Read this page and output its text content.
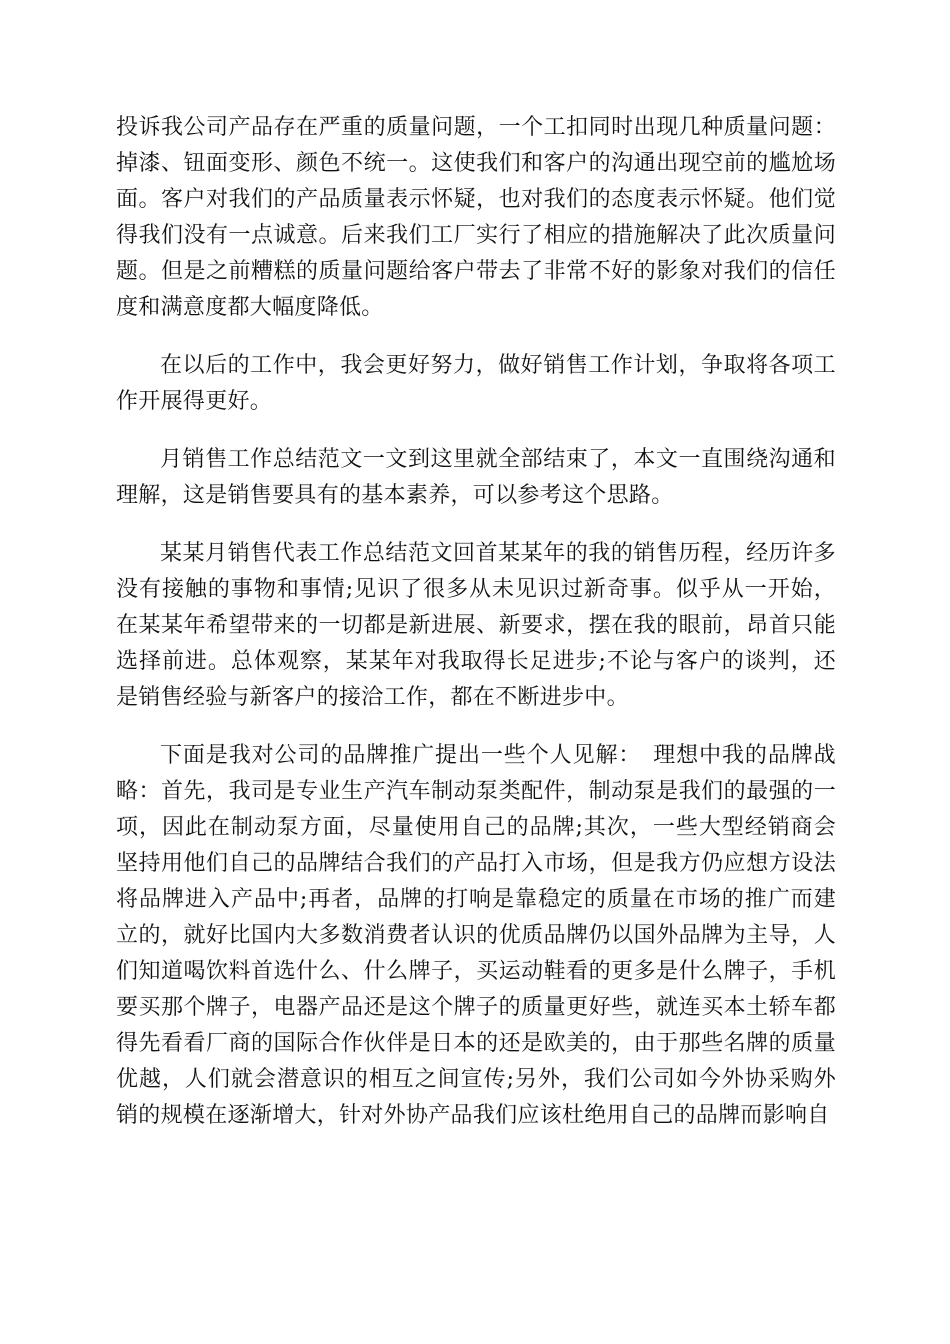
投诉我公司产品存在严重的质量问题，一个工扣同时出现几种质量问题：掉漆、钮面变形、颜色不统一。这使我们和客户的沟通出现空前的尴尬场面。客户对我们的产品质量表示怀疑，也对我们的态度表示怀疑。他们觉得我们没有一点诚意。后来我们工厂实行了相应的措施解决了此次质量问题。但是之前糟糕的质量问题给客户带去了非常不好的影象对我们的信任度和满意度都大幅度降低。

在以后的工作中，我会更好努力，做好销售工作计划，争取将各项工作开展得更好。

月销售工作总结范文一文到这里就全部结束了，本文一直围绕沟通和理解，这是销售要具有的基本素养，可以参考这个思路。

某某月销售代表工作总结范文回首某某年的我的销售历程，经历许多没有接触的事物和事情;见识了很多从未见识过新奇事。似乎从一开始，在某某年希望带来的一切都是新进展、新要求，摆在我的眼前，昂首只能选择前进。总体观察，某某年对我取得长足进步;不论与客户的谈判，还是销售经验与新客户的接洽工作，都在不断进步中。

下面是我对公司的品牌推广提出一些个人见解：　理想中我的品牌战略：首先，我司是专业生产汽车制动泵类配件，制动泵是我们的最强的一项，因此在制动泵方面，尽量使用自己的品牌;其次，一些大型经销商会坚持用他们自己的品牌结合我们的产品打入市场，但是我方仍应想方设法将品牌进入产品中;再者，品牌的打响是靠稳定的质量在市场的推广而建立的，就好比国内大多数消费者认识的优质品牌仍以国外品牌为主导，人们知道喝饮料首选什么、什么牌子，买运动鞋看的更多是什么牌子，手机要买那个牌子，电器产品还是这个牌子的质量更好些，就连买本土轿车都得先看看厂商的国际合作伙伴是日本的还是欧美的，由于那些名牌的质量优越，人们就会潜意识的相互之间宣传;另外，我们公司如今外协采购外销的规模在逐渐增大，针对外协产品我们应该杜绝用自己的品牌而影响自
